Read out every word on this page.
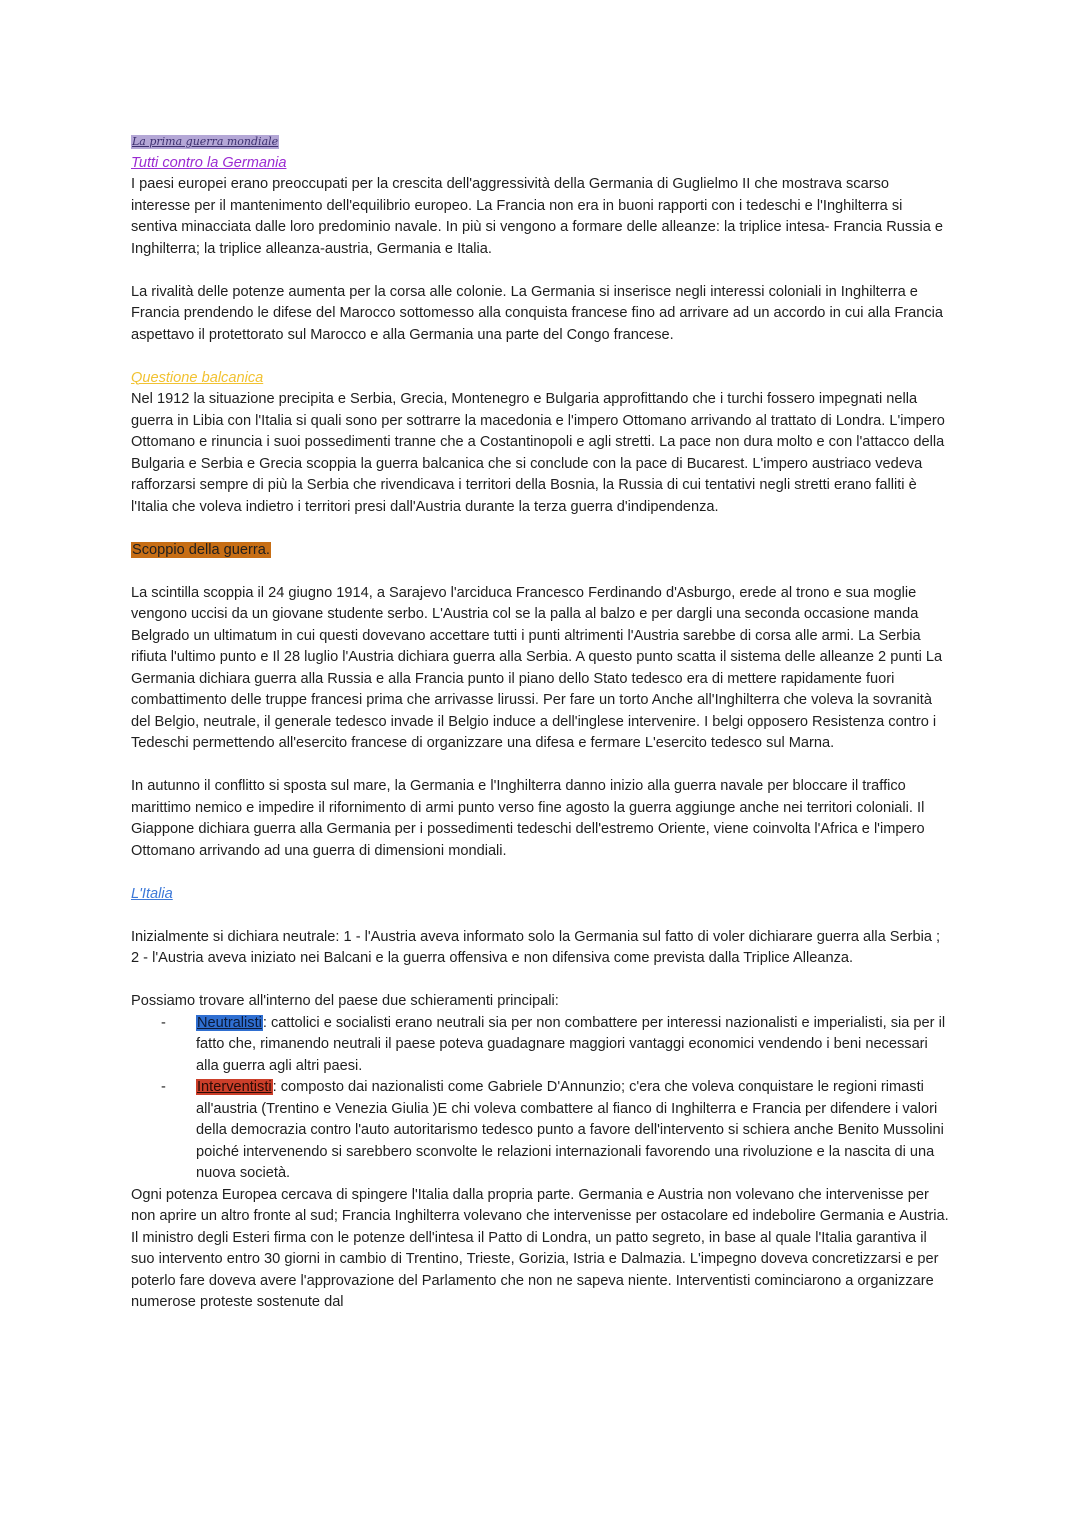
La prima guerra mondiale

Tutti contro la Germania

I paesi europei erano preoccupati per la crescita dell'aggressività della Germania di Guglielmo II che mostrava scarso interesse per il mantenimento dell'equilibrio europeo. La Francia non era in buoni rapporti con i tedeschi e l'Inghilterra si sentiva minacciata dalle loro predominio navale. In più si vengono a formare delle alleanze: la triplice intesa- Francia Russia e Inghilterra; la triplice alleanza-austria, Germania e Italia.

La rivalità delle potenze aumenta per la corsa alle colonie. La Germania si inserisce negli interessi coloniali in Inghilterra e Francia prendendo le difese del Marocco sottomesso alla conquista francese fino ad arrivare ad un accordo in cui alla Francia aspettavo il protettorato sul Marocco e alla Germania una parte del Congo francese.

Questione balcanica

Nel 1912 la situazione precipita e Serbia, Grecia, Montenegro e Bulgaria approfittando che i turchi fossero impegnati nella guerra in Libia con l'Italia si quali sono per sottrarre la macedonia e l'impero Ottomano arrivando al trattato di Londra. L'impero Ottomano e rinuncia i suoi possedimenti tranne che a Costantinopoli e agli stretti. La pace non dura molto e con l'attacco della Bulgaria e Serbia e Grecia scoppia la guerra balcanica che si conclude con la pace di Bucarest. L'impero austriaco vedeva rafforzarsi sempre di più la Serbia che rivendicava i territori della Bosnia, la Russia di cui tentativi negli stretti erano falliti è l'Italia che voleva indietro i territori presi dall'Austria durante la terza guerra d'indipendenza.

Scoppio della guerra.

La scintilla scoppia il 24 giugno 1914, a Sarajevo l'arciduca Francesco Ferdinando d'Asburgo, erede al trono e sua moglie vengono uccisi da un giovane studente serbo. L'Austria col se la palla al balzo e per dargli una seconda occasione manda Belgrado un ultimatum in cui questi dovevano accettare tutti i punti altrimenti l'Austria sarebbe di corsa alle armi. La Serbia rifiuta l'ultimo punto e Il 28 luglio l'Austria dichiara guerra alla Serbia. A questo punto scatta il sistema delle alleanze 2 punti La Germania dichiara guerra alla Russia e alla Francia punto il piano dello Stato tedesco era di mettere rapidamente fuori combattimento delle truppe francesi prima che arrivasse lirussi. Per fare un torto Anche all'Inghilterra che voleva la sovranità del Belgio, neutrale, il generale tedesco invade il Belgio induce a dell'inglese intervenire. I belgi opposero Resistenza contro i Tedeschi permettendo all'esercito francese di organizzare una difesa e fermare L'esercito tedesco sul Marna.

In autunno il conflitto si sposta sul mare, la Germania e l'Inghilterra danno inizio alla guerra navale per bloccare il traffico marittimo nemico e impedire il rifornimento di armi punto verso fine agosto la guerra aggiunge anche nei territori coloniali. Il Giappone dichiara guerra alla Germania per i possedimenti tedeschi dell'estremo Oriente, viene coinvolta l'Africa e l'impero Ottomano arrivando ad una guerra di dimensioni mondiali.

L'Italia

Inizialmente si dichiara neutrale: 1 - l'Austria aveva informato solo la Germania sul fatto di voler dichiarare guerra alla Serbia ; 2 - l'Austria aveva iniziato nei Balcani e la guerra offensiva e non difensiva come prevista dalla Triplice Alleanza.

Possiamo trovare all'interno del paese due schieramenti principali:

- Neutralisti: cattolici e socialisti erano neutrali sia per non combattere per interessi nazionalisti e imperialisti, sia per il fatto che, rimanendo neutrali il paese poteva guadagnare maggiori vantaggi economici vendendo i beni necessari alla guerra agli altri paesi.
- Interventisti: composto dai nazionalisti come Gabriele D'Annunzio; c'era che voleva conquistare le regioni rimasti all'austria (Trentino e Venezia Giulia )E chi voleva combattere al fianco di Inghilterra e Francia per difendere i valori della democrazia contro l'auto autoritarismo tedesco punto a favore dell'intervento si schiera anche Benito Mussolini poiché intervenendo si sarebbero sconvolte le relazioni internazionali favorendo una rivoluzione e la nascita di una nuova società.

Ogni potenza Europea cercava di spingere l'Italia dalla propria parte. Germania e Austria non volevano che intervenisse per non aprire un altro fronte al sud; Francia Inghilterra volevano che intervenisse per ostacolare ed indebolire Germania e Austria. Il ministro degli Esteri firma con le potenze dell'intesa il Patto di Londra, un patto segreto, in base al quale l'Italia garantiva il suo intervento entro 30 giorni in cambio di Trentino, Trieste, Gorizia, Istria e Dalmazia. L'impegno doveva concretizzarsi e per poterlo fare doveva avere l'approvazione del Parlamento che non ne sapeva niente. Interventisti cominciarono a organizzare numerose proteste sostenute dal
